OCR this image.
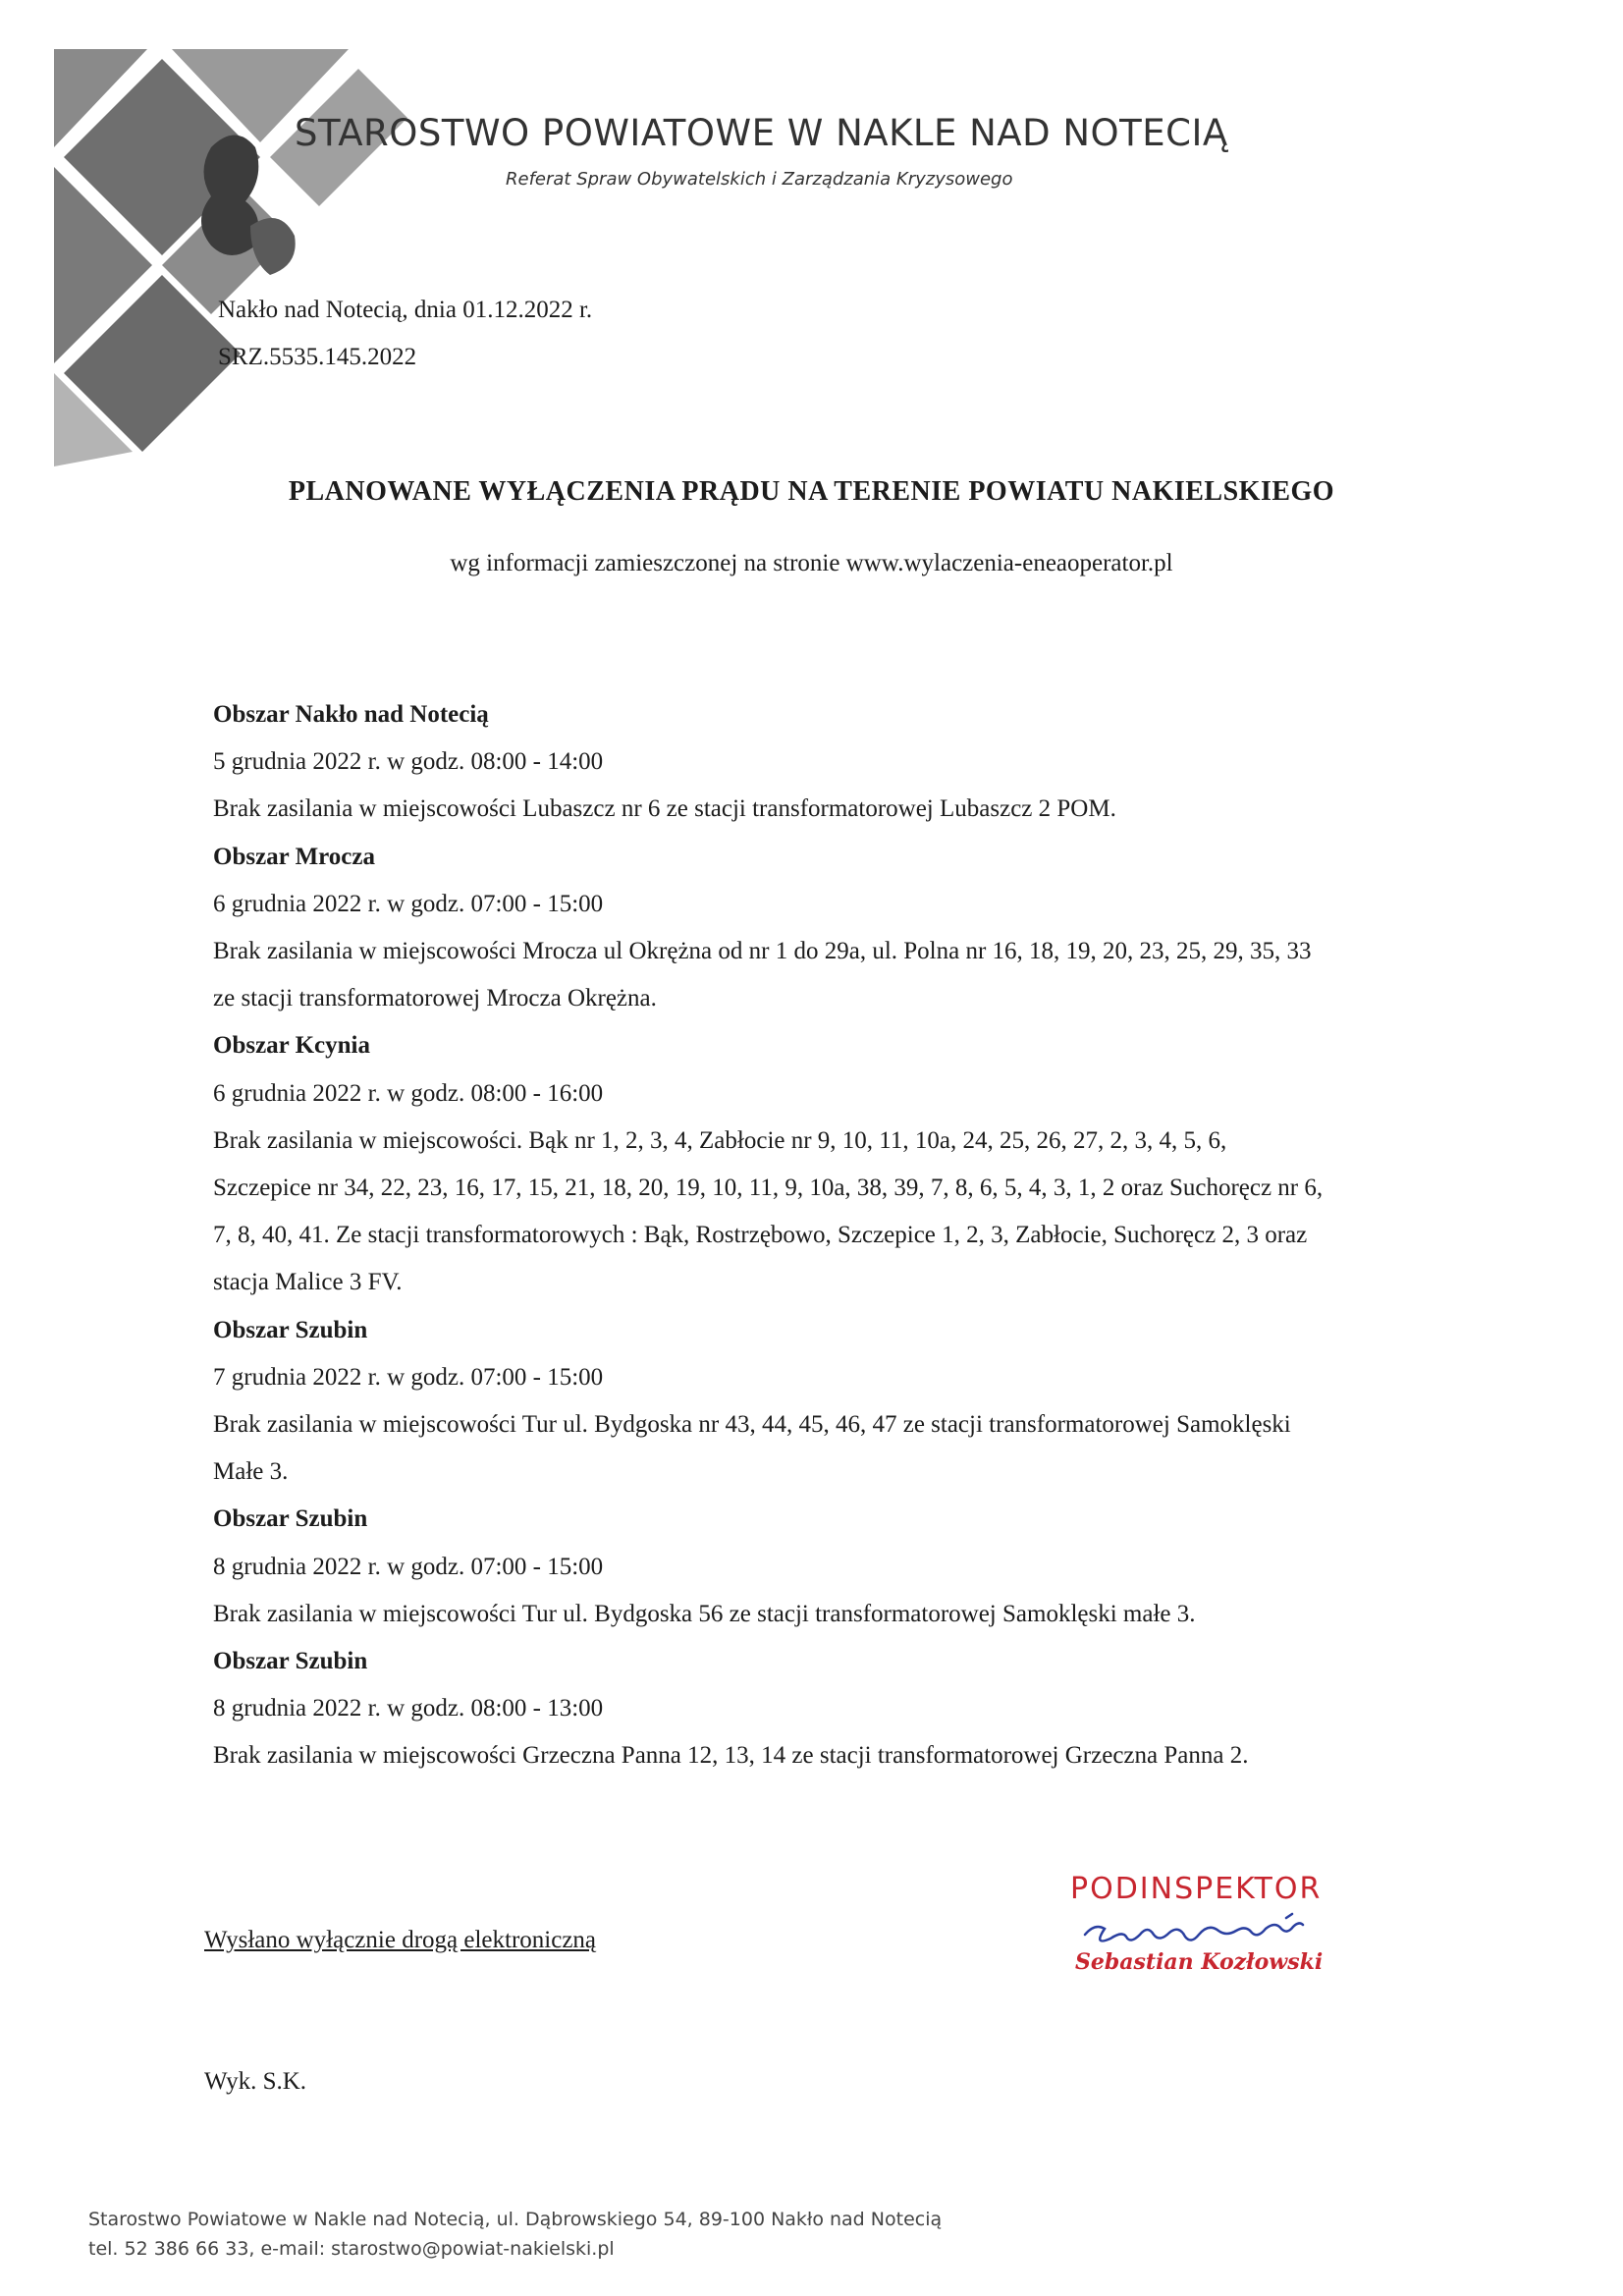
STAROSTWO POWIATOWE W NAKLE NAD NOTECIĄ
Referat Spraw Obywatelskich i Zarządzania Kryzysowego
Nakło nad Notecią, dnia 01.12.2022 r.
SRZ.5535.145.2022
PLANOWANE WYŁĄCZENIA PRĄDU NA TERENIE POWIATU NAKIELSKIEGO
wg informacji zamieszczonej na stronie www.wylaczenia-eneaoperator.pl
Obszar Nakło nad Notecią
5 grudnia 2022 r. w godz. 08:00 - 14:00
Brak zasilania w miejscowości Lubaszcz nr 6 ze stacji transformatorowej Lubaszcz 2 POM.
Obszar Mrocza
6 grudnia 2022 r. w godz. 07:00 - 15:00
Brak zasilania w miejscowości Mrocza ul Okrężna od nr 1 do 29a, ul. Polna nr 16, 18, 19, 20, 23, 25, 29, 35, 33
ze stacji transformatorowej Mrocza Okrężna.
Obszar Kcynia
6 grudnia 2022 r. w godz. 08:00 - 16:00
Brak zasilania w miejscowości. Bąk nr 1, 2, 3, 4, Zabłocie nr 9, 10, 11, 10a, 24, 25, 26, 27, 2, 3, 4, 5, 6,
Szczepice nr 34, 22, 23, 16, 17, 15, 21, 18, 20, 19, 10, 11, 9, 10a, 38, 39, 7, 8, 6, 5, 4, 3, 1, 2 oraz Suchoręcz nr 6,
7, 8, 40, 41. Ze stacji transformatorowych : Bąk, Rostrzębowo, Szczepice 1, 2, 3, Zabłocie, Suchoręcz 2, 3 oraz
stacja Malice 3 FV.
Obszar Szubin
7 grudnia 2022 r. w godz. 07:00 - 15:00
Brak zasilania w miejscowości Tur ul. Bydgoska nr 43, 44, 45, 46, 47 ze stacji transformatorowej Samoklęski
Małe 3.
Obszar Szubin
8 grudnia 2022 r. w godz. 07:00 - 15:00
Brak zasilania w miejscowości Tur ul. Bydgoska 56 ze stacji transformatorowej Samoklęski małe 3.
Obszar Szubin
8 grudnia 2022 r. w godz. 08:00 - 13:00
Brak zasilania w miejscowości Grzeczna Panna 12, 13, 14 ze stacji transformatorowej Grzeczna Panna 2.
Wysłano wyłącznie drogą elektroniczną
PODINSPEKTOR
Sebastian Kozłowski
Wyk. S.K.
Starostwo Powiatowe w Nakle nad Notecią, ul. Dąbrowskiego 54, 89-100 Nakło nad Notecią
tel. 52 386 66 33, e-mail: starostwo@powiat-nakielski.pl
